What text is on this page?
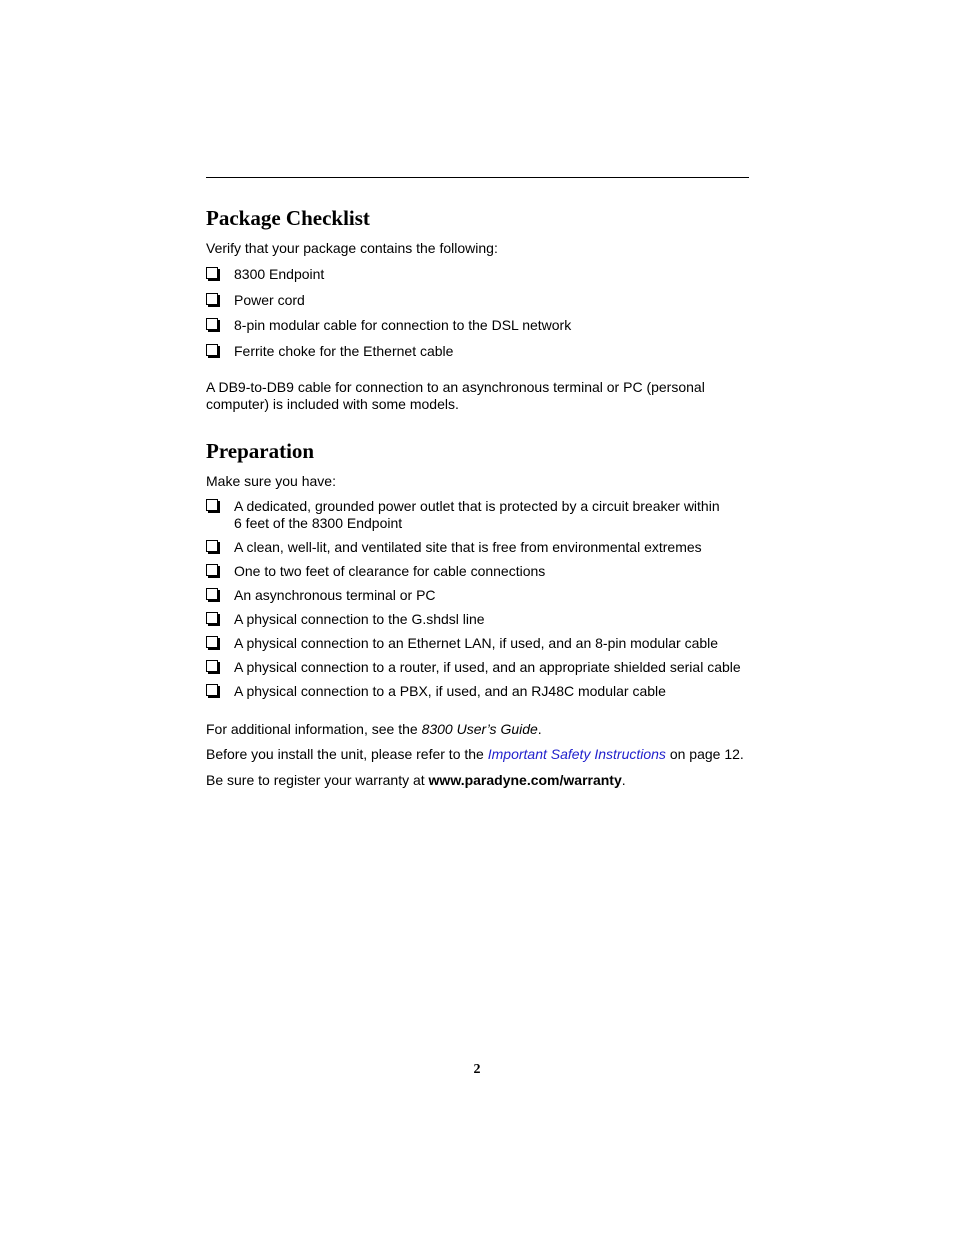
Package Checklist

Verify that your package contains the following:

8300 Endpoint
Power cord
8-pin modular cable for connection to the DSL network
Ferrite choke for the Ethernet cable

A DB9-to-DB9 cable for connection to an asynchronous terminal or PC (personal computer) is included with some models.

Preparation

Make sure you have:

A dedicated, grounded power outlet that is protected by a circuit breaker within 6 feet of the 8300 Endpoint
A clean, well-lit, and ventilated site that is free from environmental extremes
One to two feet of clearance for cable connections
An asynchronous terminal or PC
A physical connection to the G.shdsl line
A physical connection to an Ethernet LAN, if used, and an 8-pin modular cable
A physical connection to a router, if used, and an appropriate shielded serial cable
A physical connection to a PBX, if used, and an RJ48C modular cable

For additional information, see the 8300 User’s Guide.

Before you install the unit, please refer to the Important Safety Instructions on page 12.

Be sure to register your warranty at www.paradyne.com/warranty.

2
